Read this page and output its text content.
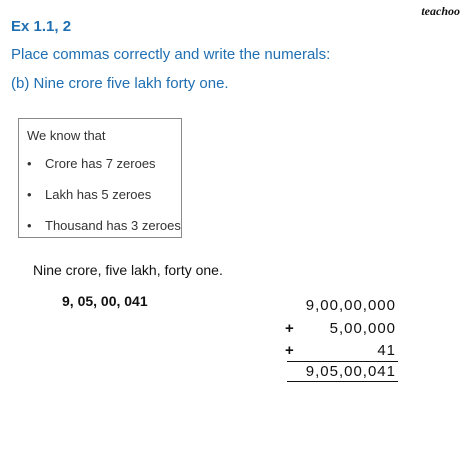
teachoo
Ex 1.1, 2
Place commas correctly and write the numerals:
(b) Nine crore five lakh forty one.
We know that
• Crore has 7 zeroes
• Lakh has 5 zeroes
• Thousand has 3 zeroes
Nine crore, five lakh, forty one.
9, 05, 00, 041	9,00,00,000
+ 5,00,000
+	41
9,05,00,041
